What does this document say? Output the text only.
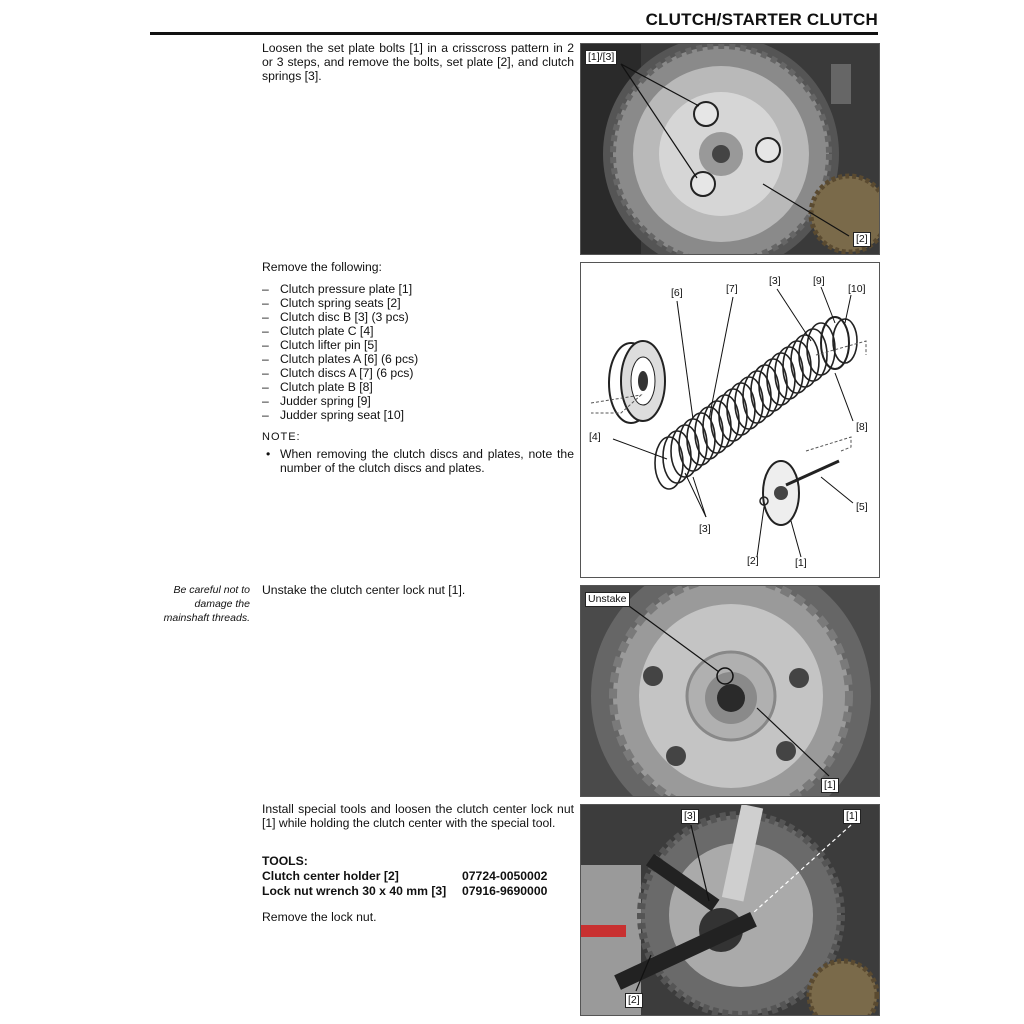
CLUTCH/STARTER CLUTCH
Loosen the set plate bolts [1] in a crisscross pattern in 2 or 3 steps, and remove the bolts, set plate [2], and clutch springs [3].
[1]/[3]
[2]
Remove the following:
– Clutch pressure plate [1]
– Clutch spring seats [2]
– Clutch disc B [3] (3 pcs)
– Clutch plate C [4]
– Clutch lifter pin [5]
– Clutch plates A [6] (6 pcs)
– Clutch discs A [7] (6 pcs)
– Clutch plate B [8]
– Judder spring [9]
– Judder spring seat [10]
NOTE:
• When removing the clutch discs and plates, note the number of the clutch discs and plates.
[6]	[7]
[3]	[9]
[10]
[4]
[8]
[5]
[3]
[2]	[1]
Be careful not to damage the mainshaft threads.
Unstake the clutch center lock nut [1].
Unstake
[1]
Install special tools and loosen the clutch center lock nut [1] while holding the clutch center with the special tool.
TOOLS:
Clutch center holder [2]	07724-0050002
Lock nut wrench 30 x 40 mm [3] 07916-9690000
Remove the lock nut.
[3]	[1]
[2]
